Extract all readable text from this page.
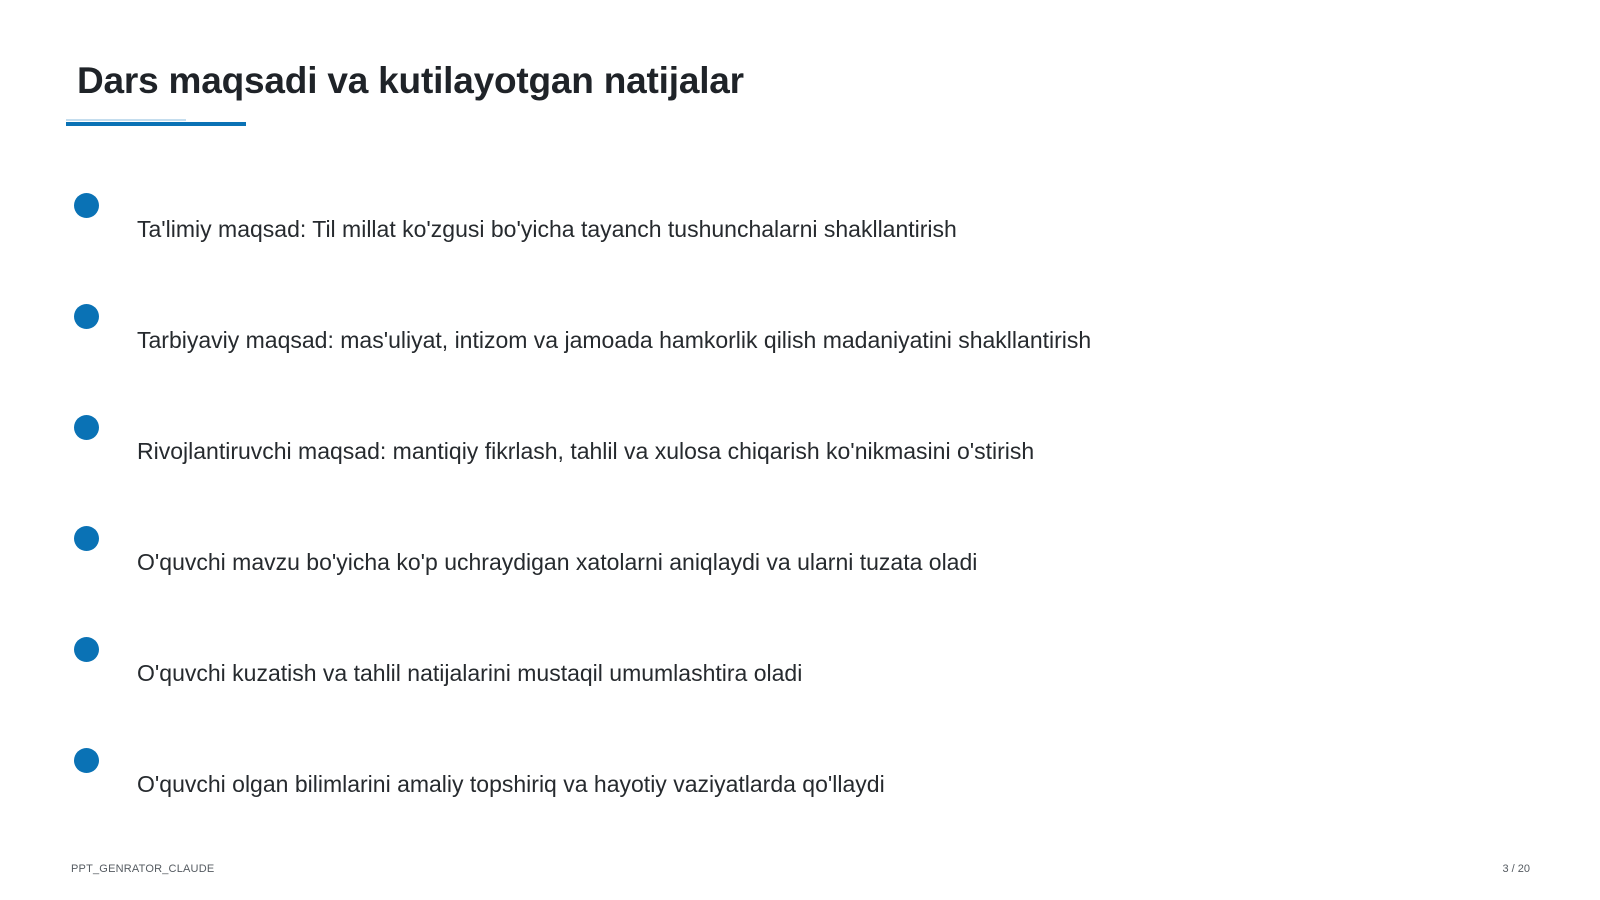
Dars maqsadi va kutilayotgan natijalar
Ta'limiy maqsad: Til millat ko'zgusi bo'yicha tayanch tushunchalarni shakllantirish
Tarbiyaviy maqsad: mas'uliyat, intizom va jamoada hamkorlik qilish madaniyatini shakllantirish
Rivojlantiruvchi maqsad: mantiqiy fikrlash, tahlil va xulosa chiqarish ko'nikmasini o'stirish
O'quvchi mavzu bo'yicha ko'p uchraydigan xatolarni aniqlaydi va ularni tuzata oladi
O'quvchi kuzatish va tahlil natijalarini mustaqil umumlashtira oladi
O'quvchi olgan bilimlarini amaliy topshiriq va hayotiy vaziyatlarda qo'llaydi
PPT_GENRATOR_CLAUDE	3 / 20
